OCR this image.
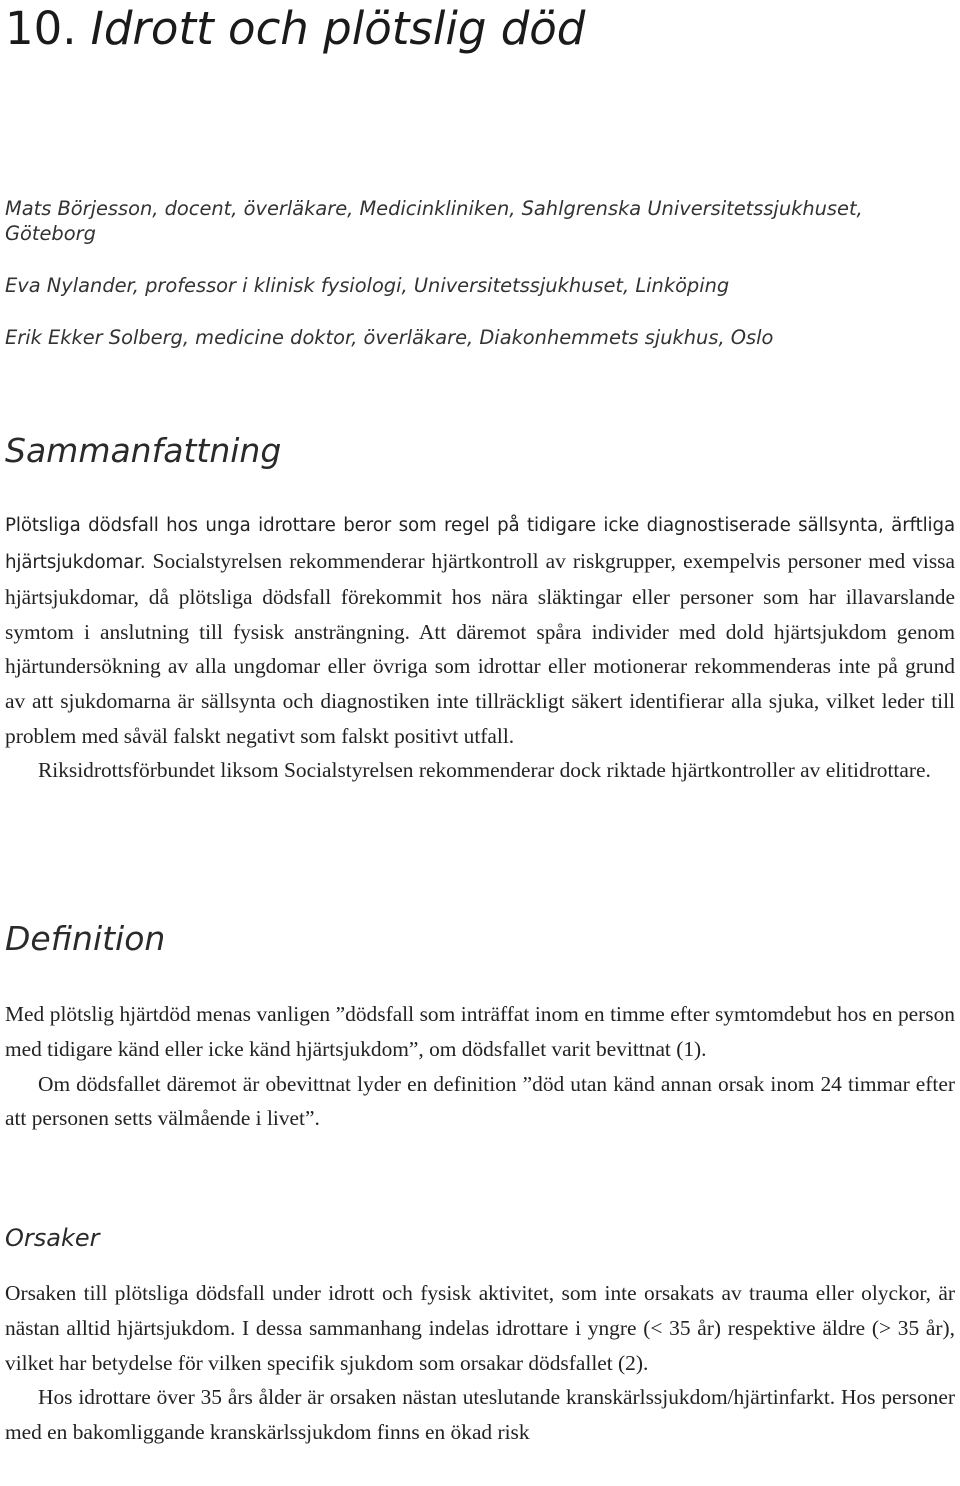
10. Idrott och plötslig död

Mats Börjesson, docent, överläkare, Medicinkliniken, Sahlgrenska Universitetssjukhuset, Göteborg

Eva Nylander, professor i klinisk fysiologi, Universitetssjukhuset, Linköping

Erik Ekker Solberg, medicine doktor, överläkare, Diakonhemmets sjukhus, Oslo

Sammanfattning

Plötsliga dödsfall hos unga idrottare beror som regel på tidigare icke diagnostiserade sällsynta, ärftliga hjärtsjukdomar. Socialstyrelsen rekommenderar hjärtkontroll av riskgrupper, exempelvis personer med vissa hjärtsjukdomar, då plötsliga dödsfall förekommit hos nära släktingar eller personer som har illavarslande symtom i anslutning till fysisk ansträngning. Att däremot spåra individer med dold hjärtsjukdom genom hjärtundersökning av alla ungdomar eller övriga som idrottar eller motionerar rekommenderas inte på grund av att sjukdomarna är sällsynta och diagnostiken inte tillräckligt säkert identifierar alla sjuka, vilket leder till problem med såväl falskt negativt som falskt positivt utfall.

Riksidrottsförbundet liksom Socialstyrelsen rekommenderar dock riktade hjärtkontroller av elitidrottare.

Definition

Med plötslig hjärtdöd menas vanligen ”dödsfall som inträffat inom en timme efter symtomdebut hos en person med tidigare känd eller icke känd hjärtsjukdom”, om dödsfallet varit bevittnat (1).

Om dödsfallet däremot är obevittnat lyder en definition ”död utan känd annan orsak inom 24 timmar efter att personen setts välmående i livet”.

Orsaker

Orsaken till plötsliga dödsfall under idrott och fysisk aktivitet, som inte orsakats av trauma eller olyckor, är nästan alltid hjärtsjukdom. I dessa sammanhang indelas idrottare i yngre (< 35 år) respektive äldre (> 35 år), vilket har betydelse för vilken specifik sjukdom som orsakar dödsfallet (2).

Hos idrottare över 35 års ålder är orsaken nästan uteslutande kranskärlssjukdom/hjärtinfarkt. Hos personer med en bakomliggande kranskärlssjukdom finns en ökad risk
